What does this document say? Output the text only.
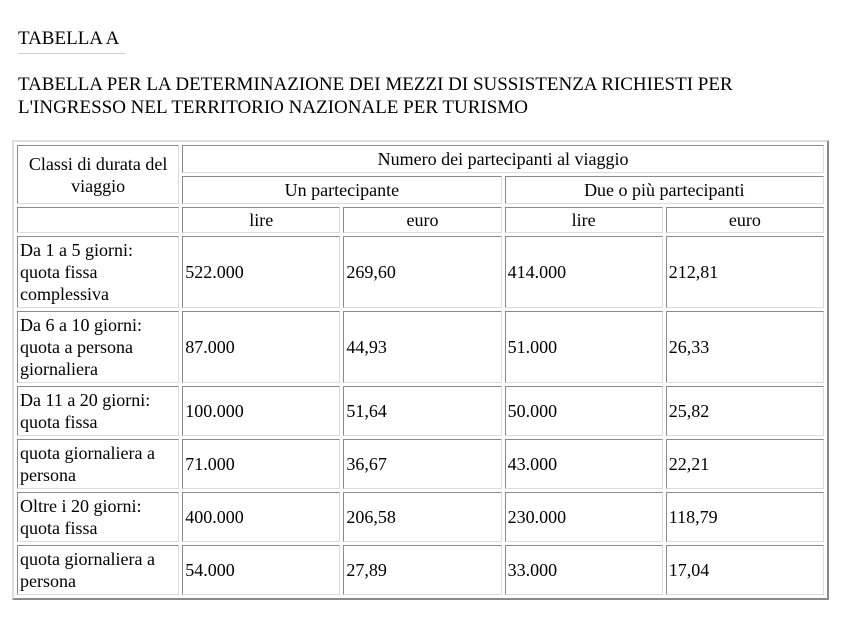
TABELLA A
TABELLA PER LA DETERMINAZIONE DEI MEZZI DI SUSSISTENZA RICHIESTI PER L'INGRESSO NEL TERRITORIO NAZIONALE PER TURISMO
Classi di durata del viaggio	Numero dei partecipanti al viaggio			
	Un partecipante		Due o più partecipanti	
	lire	euro	lire	euro
Da 1 a 5 giorni: quota fissa complessiva	522.000	269,60	414.000	212,81
Da 6 a 10 giorni: quota a persona giornaliera	87.000	44,93	51.000	26,33
Da 11 a 20 giorni: quota fissa	100.000	51,64	50.000	25,82
quota giornaliera a persona	71.000	36,67	43.000	22,21
Oltre i 20 giorni: quota fissa	400.000	206,58	230.000	118,79
quota giornaliera a persona	54.000	27,89	33.000	17,04
